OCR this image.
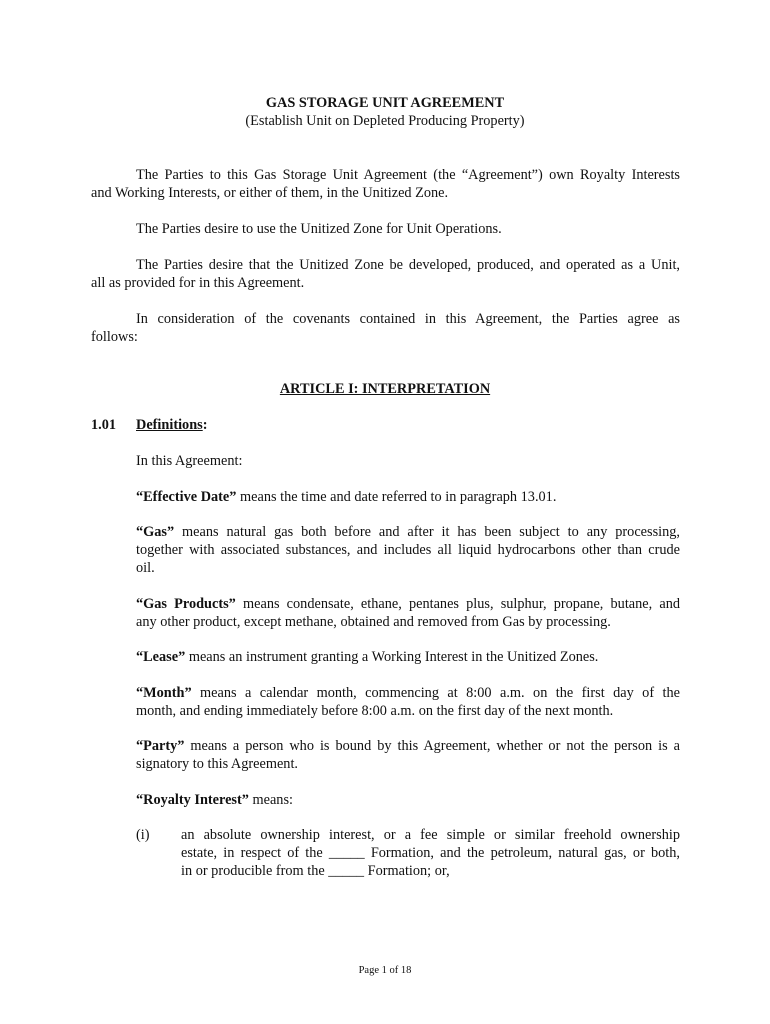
GAS STORAGE UNIT AGREEMENT
(Establish Unit on Depleted Producing Property)
The Parties to this Gas Storage Unit Agreement (the “Agreement”) own Royalty Interests
and Working Interests, or either of them, in the Unitized Zone.
The Parties desire to use the Unitized Zone for Unit Operations.
The Parties desire that the Unitized Zone be developed, produced, and operated as a Unit,
all as provided for in this Agreement.
In consideration of the covenants contained in this Agreement, the Parties agree as
follows:
ARTICLE I: INTERPRETATION
1.01 Definitions:
In this Agreement:
“Effective Date” means the time and date referred to in paragraph 13.01.
“Gas” means natural gas both before and after it has been subject to any processing,
together with associated substances, and includes all liquid hydrocarbons other than crude
oil.
“Gas Products” means condensate, ethane, pentanes plus, sulphur, propane, butane, and
any other product, except methane, obtained and removed from Gas by processing.
“Lease” means an instrument granting a Working Interest in the Unitized Zones.
“Month” means a calendar month, commencing at 8:00 a.m. on the first day of the
month, and ending immediately before 8:00 a.m. on the first day of the next month.
“Party” means a person who is bound by this Agreement, whether or not the person is a
signatory to this Agreement.
“Royalty Interest” means:
(i) an absolute ownership interest, or a fee simple or similar freehold ownership
estate, in respect of the _____ Formation, and the petroleum, natural gas, or both,
in or producible from the _____ Formation; or,
Page 1 of 18
